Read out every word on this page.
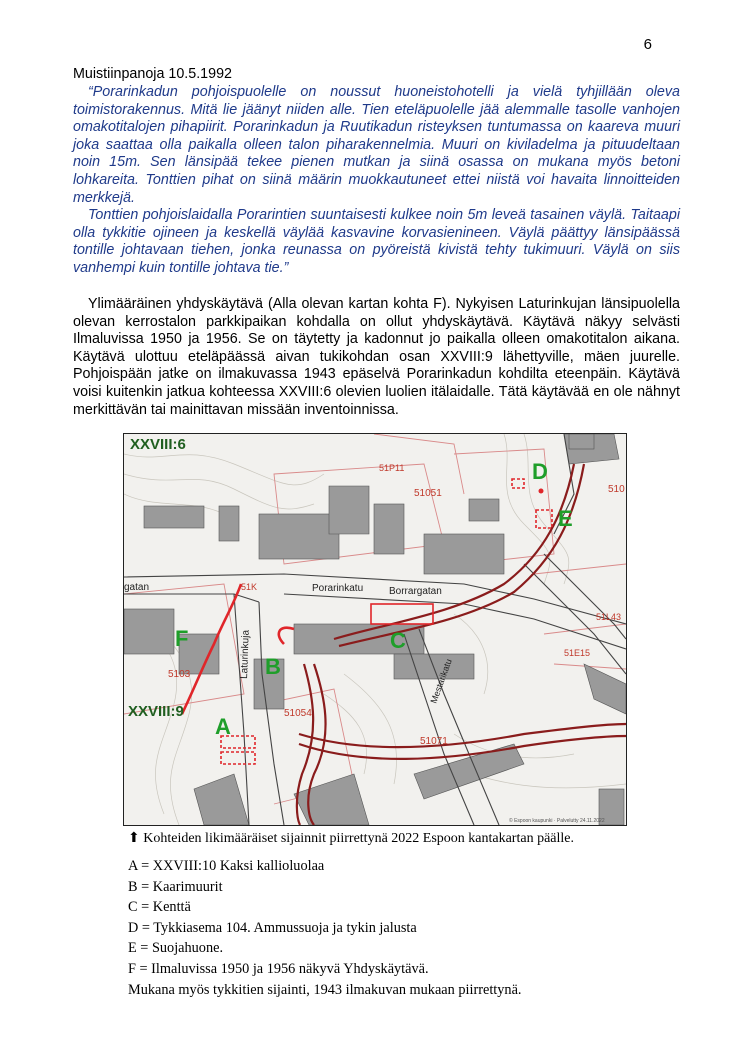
6
Muistiinpanoja 10.5.1992

“Porarinkadun pohjoispuolelle on noussut huoneistohotelli ja vielä tyhjillään oleva toimistorakennus. Mitä lie jäänyt niiden alle. Tien eteläpuolelle jää alemmalle tasolle vanhojen omakotitalojen pihapiirit. Porarinkadun ja Ruutikadun risteyksen tuntumassa on kaareva muuri joka saattaa olla paikalla olleen talon piharakennelmia. Muuri on kiviladelma ja pituudeltaan noin 15m. Sen länsipää tekee pienen mutkan ja siinä osassa on mukana myös betoni lohkareita. Tonttien pihat on siinä määrin muokkautuneet ettei niistä voi havaita linnoitteiden merkkejä.

Tonttien pohjoislaidalla Porarintien suuntaisesti kulkee noin 5m leveä tasainen väylä. Taitaapi olla tykkitie ojineen ja keskellä väylää kasvavine korvasienineen. Väylä päättyy länsipäässä tontille johtavaan tiehen, jonka reunassa on pyöreistä kivistä tehty tukimuuri. Väylä on siis vanhempi kuin tontille johtava tie.”

Ylimääräinen yhdyskäytävä (Alla olevan kartan kohta F). Nykyisen Laturinkujan länsipuolella olevan kerrostalon parkkipaikan kohdalla on ollut yhdyskäytävä. Käytävä näkyy selvästi Ilmaluvissa 1950 ja 1956. Se on täytetty ja kadonnut jo paikalla olleen omakotitalon aikana. Käytävä ulottuu eteläpäässä aivan tukikohdan osan XXVIII:9 lähettyville, mäen juurelle. Pohjoispään jatke on ilmakuvassa 1943 epäselvä Porarinkadun kohdilta eteenpäin. Käytävä voisi kuitenkin jatkua kohteessa XXVIII:6 olevien luolien itälaidalle. Tätä käytävää en ole nähnyt merkittävän tai mainittavan missään inventoinnissa.

XXVIII:6
XXVIII:9
A
B
C
D
E
F
Porarinkatu	Borrargatan
gatan
Laturinkuja
Mestarikatu
51051
51P11
51054
51071
51L43
51E15
5103
510
51K
© Espoon kaupunki · Palvelutty 24.11.2022
⬆ Kohteiden likimääräiset sijainnit piirrettynä 2022 Espoon kantakartan päälle.
A = XXVIII:10 Kaksi kallioluolaa
B = Kaarimuurit
C = Kenttä
D = Tykkiasema 104. Ammussuoja ja tykin jalusta
E = Suojahuone.
F = Ilmaluvissa 1950 ja 1956 näkyvä Yhdyskäytävä.
Mukana myös tykkitien sijainti, 1943 ilmakuvan mukaan piirrettynä.
